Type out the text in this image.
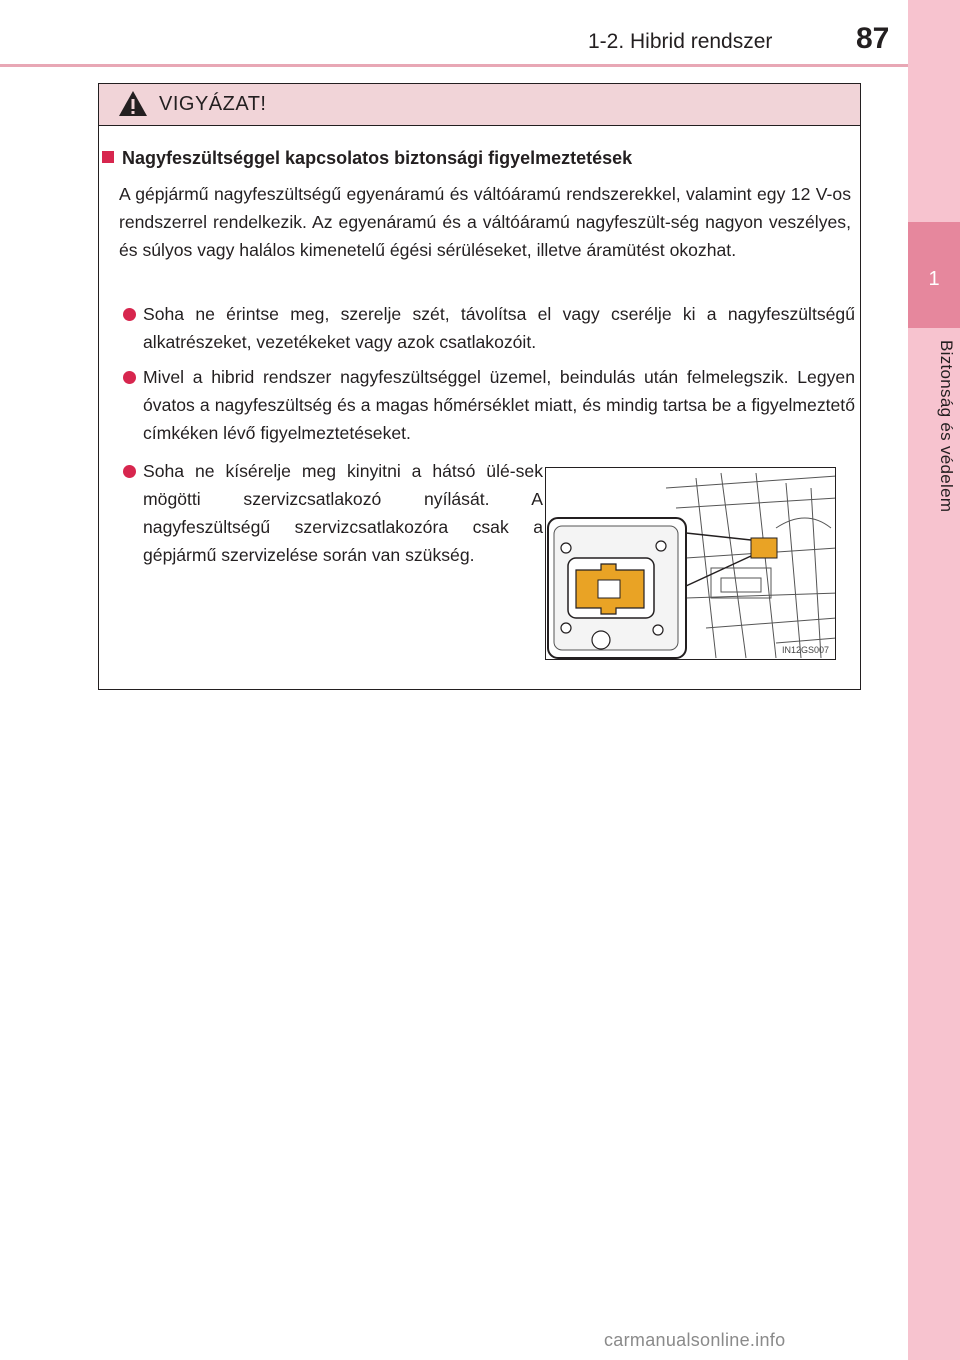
1
Biztonság és védelem
1-2. Hibrid rendszer	87
VIGYÁZAT!
Nagyfeszültséggel kapcsolatos biztonsági figyelmeztetések
A gépjármű nagyfeszültségű egyenáramú és váltóáramú rendszerekkel, valamint egy 12 V-os rendszerrel rendelkezik. Az egyenáramú és a váltóáramú nagyfeszült-ség nagyon veszélyes, és súlyos vagy halálos kimenetelű égési sérüléseket, illetve áramütést okozhat.
Soha ne érintse meg, szerelje szét, távolítsa el vagy cserélje ki a nagyfeszültségű alkatrészeket, vezetékeket vagy azok csatlakozóit.
Mivel a hibrid rendszer nagyfeszültséggel üzemel, beindulás után felmelegszik. Legyen óvatos a nagyfeszültség és a magas hőmérséklet miatt, és mindig tartsa be a figyelmeztető címkéken lévő figyelmeztetéseket.
Soha ne kísérelje meg kinyitni a hátsó ülé-sek mögötti szervizcsatlakozó nyílását. A nagyfeszültségű szervizcsatlakozóra csak a gépjármű szervizelése során van szükség.
IN12GS007
carmanualsonline.info
